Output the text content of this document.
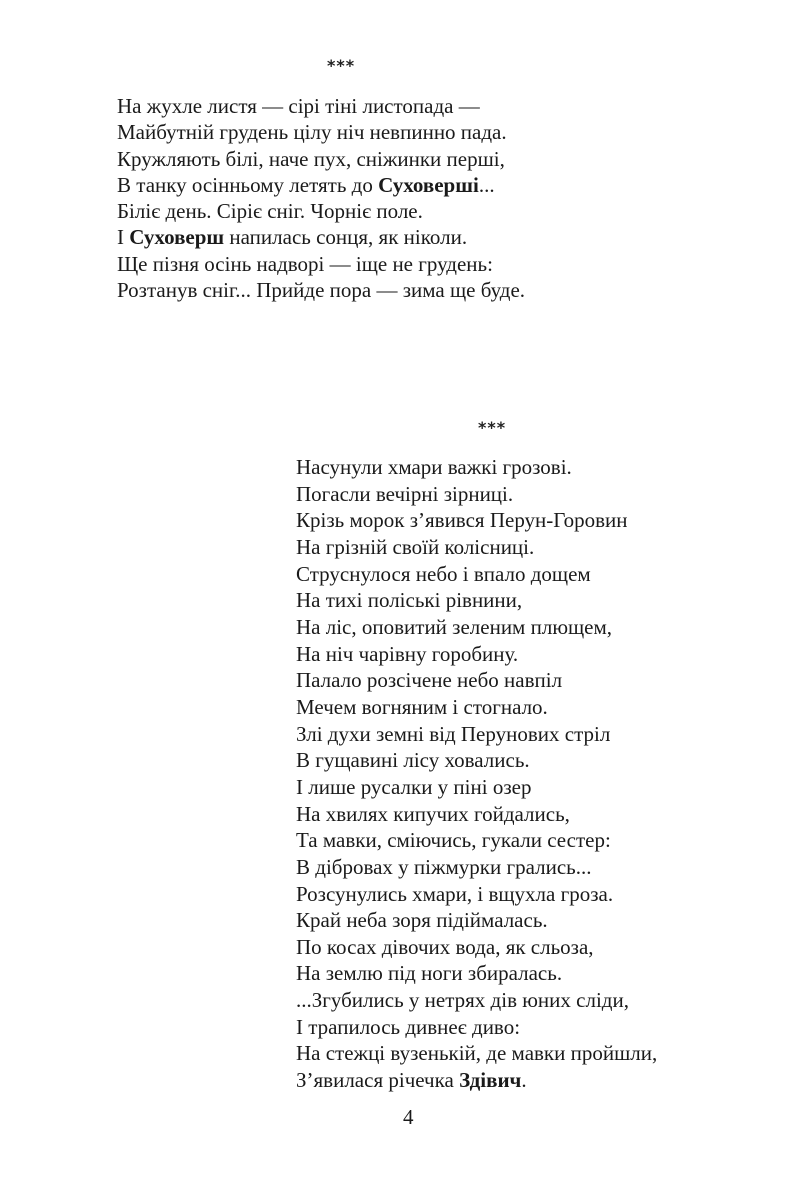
***
На жухле листя — сірі тіні листопада —
Майбутній грудень цілу ніч невпинно пада.
Кружляють білі, наче пух, сніжинки перші,
В танку осінньому летять до Суховерші...
Біліє день. Сіріє сніг. Чорніє поле.
І Суховерш напилась сонця, як ніколи.
Ще пізня осінь надворі — іще не грудень:
Розтанув сніг... Прийде пора — зима ще буде.
***
Насунули хмари важкі грозові.
Погасли вечірні зірниці.
Крізь морок з’явився Перун-Горовин
На грізній своїй колісниці.
Струснулося небо і впало дощем
На тихі поліські рівнини,
На ліс, оповитий зеленим плющем,
На ніч чарівну горобину.
Палало розсічене небо навпіл
Мечем вогняним і стогнало.
Злі духи земні від Перунових стріл
В гущавині лісу ховались.
І лише русалки у піні озер
На хвилях кипучих гойдались,
Та мавки, сміючись, гукали сестер:
В дібровах у піжмурки грались...
Розсунулись хмари, і вщухла гроза.
Край неба зоря підіймалась.
По косах дівочих вода, як сльоза,
На землю під ноги збиралась.
...Згубились у нетрях дів юних сліди,
І трапилось дивнеє диво:
На стежці вузенькій, де мавки пройшли,
З’явилася річечка Здівич.
4
